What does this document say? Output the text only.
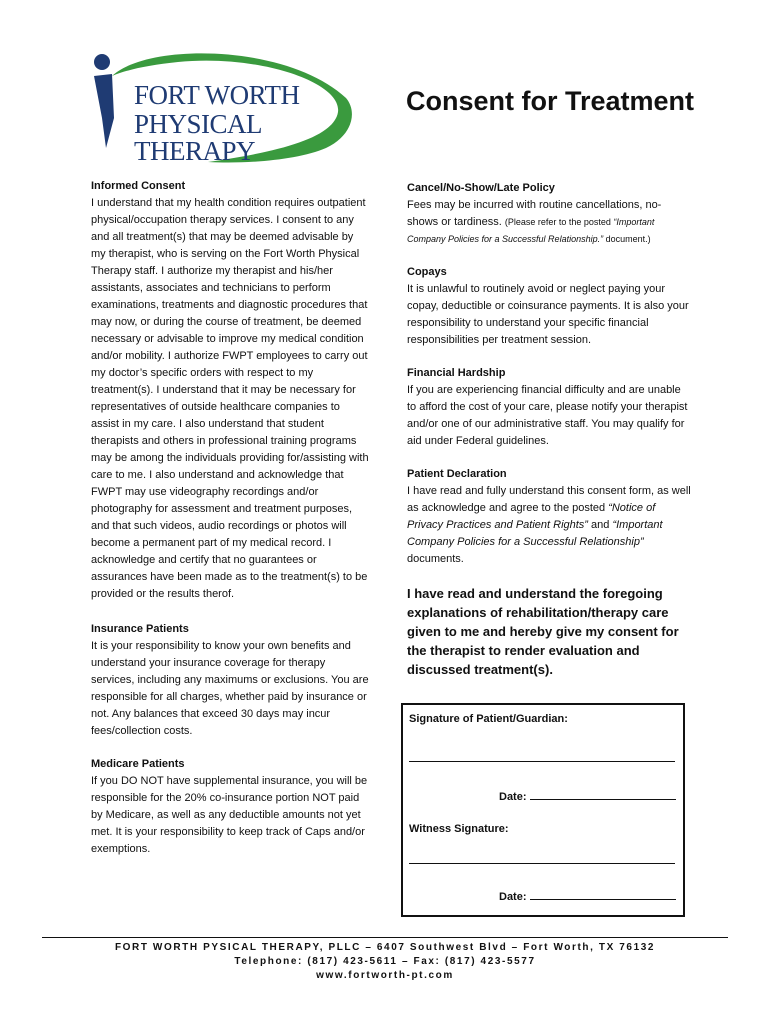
FORT WORTH
PHYSICAL THERAPY
Consent for Treatment
Informed Consent
I understand that my health condition requires outpatient physical/occupation therapy services. I consent to any and all treatment(s) that may be deemed advisable by my therapist, who is serving on the Fort Worth Physical Therapy staff. I authorize my therapist and his/her assistants, associates and technicians to perform examinations, treatments and diagnostic procedures that may now, or during the course of treatment, be deemed necessary or advisable to improve my medical condition and/or mobility. I authorize FWPT employees to carry out my doctor’s specific orders with respect to my treatment(s). I understand that it may be necessary for representatives of outside healthcare companies to assist in my care. I also understand that student therapists and others in professional training programs may be among the individuals providing for/assisting with care to me. I also understand and acknowledge that FWPT may use videography recordings and/or photography for assessment and treatment purposes, and that such videos, audio recordings or photos will become a permanent part of my medical record. I acknowledge and certify that no guarantees or assurances have been made as to the treatment(s) to be provided or the results therof.
Insurance Patients
It is your responsibility to know your own benefits and understand your insurance coverage for therapy services, including any maximums or exclusions. You are responsible for all charges, whether paid by insurance or not. Any balances that exceed 30 days may incur fees/collection costs.
Medicare Patients
If you DO NOT have supplemental insurance, you will be responsible for the 20% co-insurance portion NOT paid by Medicare, as well as any deductible amounts not yet met. It is your responsibility to keep track of Caps and/or exemptions.
Cancel/No-Show/Late Policy
Fees may be incurred with routine cancellations, no-shows or tardiness. (Please refer to the posted “Important Company Policies for a Successful Relationship.” document.)
Copays
It is unlawful to routinely avoid or neglect paying your copay, deductible or coinsurance payments. It is also your responsibility to understand your specific financial responsibilities per treatment session.
Financial Hardship
If you are experiencing financial difficulty and are unable to afford the cost of your care, please notify your therapist and/or one of our administrative staff. You may qualify for aid under Federal guidelines.
Patient Declaration
I have read and fully understand this consent form, as well as acknowledge and agree to the posted “Notice of Privacy Practices and Patient Rights” and “Important Company Policies for a Successful Relationship” documents.
I have read and understand the foregoing explanations of rehabilitation/therapy care given to me and hereby give my consent for the therapist to render evaluation and discussed treatment(s).
Signature of Patient/Guardian:
Date:
Witness Signature:
Date:
FORT WORTH PYSICAL THERAPY, PLLC – 6407 Southwest Blvd – Fort Worth, TX 76132
Telephone: (817) 423-5611 – Fax: (817) 423-5577
www.fortworth-pt.com
